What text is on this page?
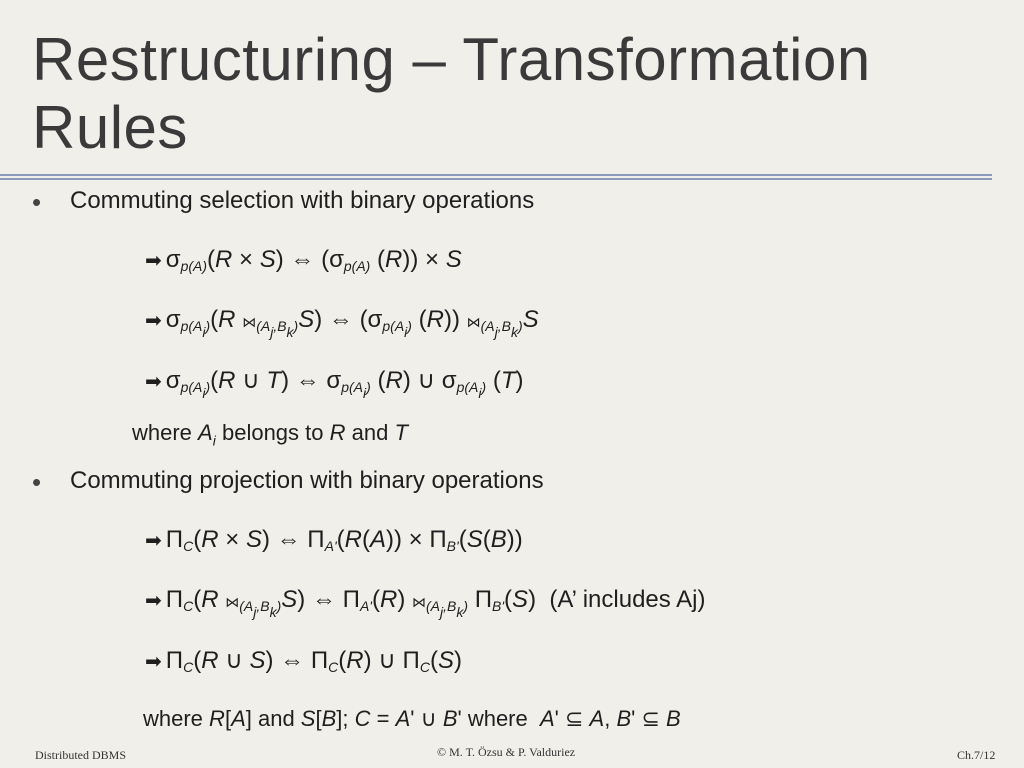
Restructuring – Transformation Rules
• Commuting selection with binary operations
➡ $\sigma_{p(A)}(R \times S)$ ⇔ ($\sigma_{p(A)}$ (R)) × S
➡ $\sigma_{p(A_i)}(R$ $⋈_{(A_j,B_k)}S$) ⇔ ($\sigma_{p(A_i)}$ (R)) $⋈_{(A_j,B_k)}S$
➡ $\sigma_{p(A_i)}(R$ ∪ T) ⇔ $\sigma_{p(A_i)}$ (R) ∪ $\sigma_{p(A_i)}$ (T)
where $A_i$ belongs to R and T
• Commuting projection with binary operations
➡ $\Pi_C(R \times S)$ ⇔ $\Pi_{A'}(R(A)) \times \Pi_{B'}(S(B))$
➡ $\Pi_C(R$ $⋈_{(A_j,B_k)}S$) ⇔ $\Pi_{A'}(R)$ $⋈_{(A_j,B_k)}$ $\Pi_{B'}(S)$  (A’ includes Aj)
➡ $\Pi_C(R$ ∪ S) ⇔ $\Pi_C(R)$ ∪ $\Pi_C(S)$
where R[A] and S[B]; C = A' ∪ B' where  A' ⊆ A, B' ⊆ B
Distributed DBMS	© M. T. Özsu & P. Valduriez	Ch.7/12
